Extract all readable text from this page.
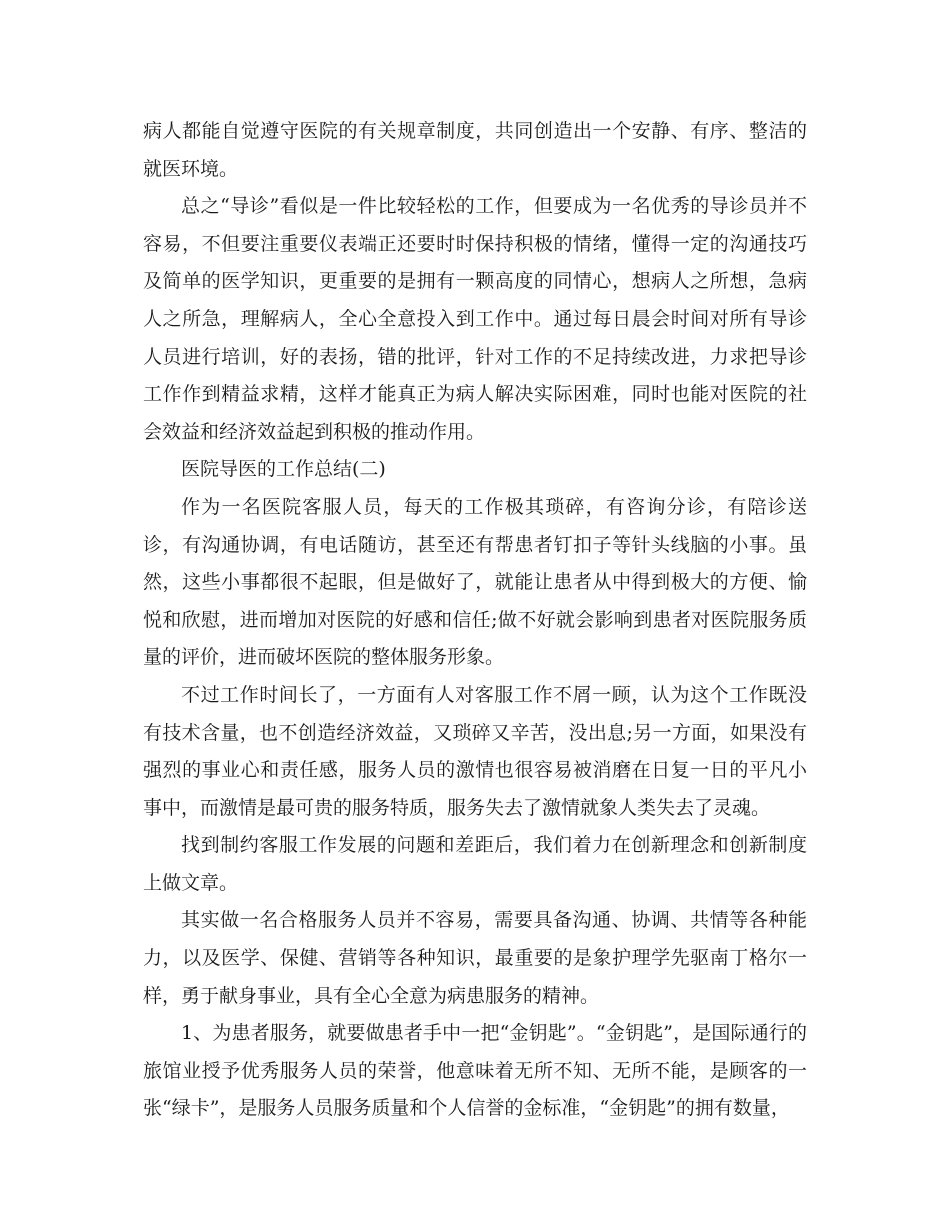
病人都能自觉遵守医院的有关规章制度，共同创造出一个安静、有序、整洁的就医环境。

总之“导诊”看似是一件比较轻松的工作，但要成为一名优秀的导诊员并不容易，不但要注重要仪表端正还要时时保持积极的情绪，懂得一定的沟通技巧及简单的医学知识，更重要的是拥有一颗高度的同情心，想病人之所想，急病人之所急，理解病人，全心全意投入到工作中。通过每日晨会时间对所有导诊人员进行培训，好的表扬，错的批评，针对工作的不足持续改进，力求把导诊工作作到精益求精，这样才能真正为病人解决实际困难，同时也能对医院的社会效益和经济效益起到积极的推动作用。

医院导医的工作总结(二)

作为一名医院客服人员，每天的工作极其琐碎，有咨询分诊，有陪诊送诊，有沟通协调，有电话随访，甚至还有帮患者钉扣子等针头线脑的小事。虽然，这些小事都很不起眼，但是做好了，就能让患者从中得到极大的方便、愉悦和欣慰，进而增加对医院的好感和信任;做不好就会影响到患者对医院服务质量的评价，进而破坏医院的整体服务形象。

不过工作时间长了，一方面有人对客服工作不屑一顾，认为这个工作既没有技术含量，也不创造经济效益，又琐碎又辛苦，没出息;另一方面，如果没有强烈的事业心和责任感，服务人员的激情也很容易被消磨在日复一日的平凡小事中，而激情是最可贵的服务特质，服务失去了激情就象人类失去了灵魂。

找到制约客服工作发展的问题和差距后，我们着力在创新理念和创新制度上做文章。

其实做一名合格服务人员并不容易，需要具备沟通、协调、共情等各种能力，以及医学、保健、营销等各种知识，最重要的是象护理学先驱南丁格尔一样，勇于献身事业，具有全心全意为病患服务的精神。

1、为患者服务，就要做患者手中一把“金钥匙”。“金钥匙”，是国际通行的旅馆业授予优秀服务人员的荣誉，他意味着无所不知、无所不能，是顾客的一张“绿卡”，是服务人员服务质量和个人信誉的金标准，“金钥匙”的拥有数量，
